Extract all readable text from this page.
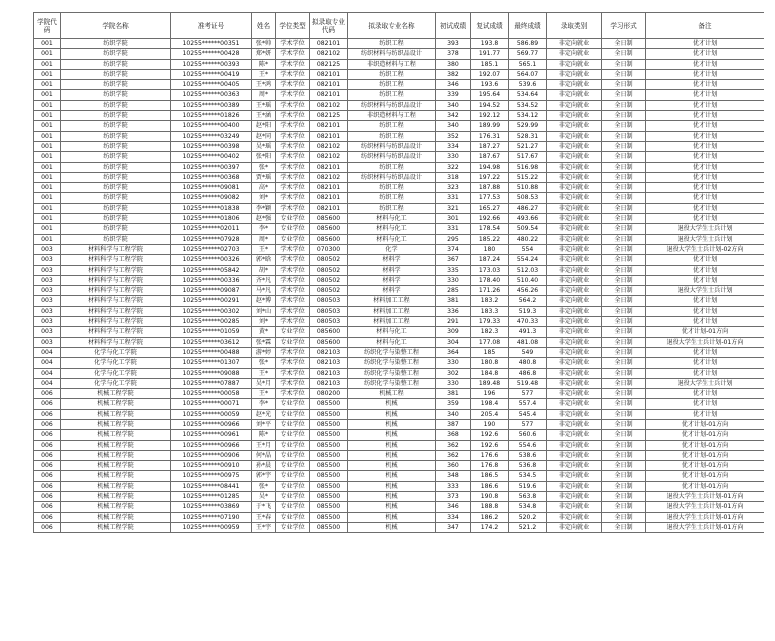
学院代码	学院名称	准考证号	姓名	学位类型	拟录取专业代码	拟录取专业名称	初试成绩	复试成绩	最终成绩	录取类别	学习形式	备注
001	纺织学院	10255******00351	张*帅	学术学位	082101	纺织工程	393	193.8	586.89	非定向就业	全日制	优才计划
001	纺织学院	10255******00428	郑*妍	学术学位	082102	纺织材料与纺织品设计	378	191.77	569.77	非定向就业	全日制	优才计划
001	纺织学院	10255******00393	陈*	学术学位	082125	非织造材料与工程	380	185.1	565.1	非定向就业	全日制	优才计划
001	纺织学院	10255******00419	王*	学术学位	082101	纺织工程	382	192.07	564.07	非定向就业	全日制	优才计划
001	纺织学院	10255******00405	王*鸿	学术学位	082101	纺织工程	346	193.6	539.6	非定向就业	全日制	优才计划
001	纺织学院	10255******00363	周*	学术学位	082101	纺织工程	339	195.64	534.64	非定向就业	全日制	优才计划
001	纺织学院	10255******00389	王*瑶	学术学位	082102	纺织材料与纺织品设计	340	194.52	534.52	非定向就业	全日制	优才计划
001	纺织学院	10255******01826	王*涵	学术学位	082125	非织造材料与工程	342	192.12	534.12	非定向就业	全日制	优才计划
001	纺织学院	10255******00400	赵*阳	学术学位	082101	纺织工程	340	189.99	529.99	非定向就业	全日制	优才计划
001	纺织学院	10255******03249	赵*同	学术学位	082101	纺织工程	352	176.31	528.31	非定向就业	全日制	优才计划
001	纺织学院	10255******00398	吴*瑶	学术学位	082102	纺织材料与纺织品设计	334	187.27	521.27	非定向就业	全日制	优才计划
001	纺织学院	10255******00402	张*阳	学术学位	082102	纺织材料与纺织品设计	330	187.67	517.67	非定向就业	全日制	优才计划
001	纺织学院	10255******00397	张*	学术学位	082101	纺织工程	322	194.98	516.98	非定向就业	全日制	优才计划
001	纺织学院	10255******00368	贾*瑶	学术学位	082102	纺织材料与纺织品设计	318	197.22	515.22	非定向就业	全日制	优才计划
001	纺织学院	10255******09081	高*	学术学位	082101	纺织工程	323	187.88	510.88	非定向就业	全日制	优才计划
001	纺织学院	10255******09082	刘*	学术学位	082101	纺织工程	331	177.53	508.53	非定向就业	全日制	优才计划
001	纺织学院	10255******01838	李*颖	学术学位	082101	纺织工程	321	165.27	486.27	非定向就业	全日制	优才计划
001	纺织学院	10255******01806	赵*强	专业学位	085600	材料与化工	301	192.66	493.66	非定向就业	全日制	优才计划
001	纺织学院	10255******02011	李*	专业学位	085600	材料与化工	331	178.54	509.54	非定向就业	全日制	退役大学生士兵计划
001	纺织学院	10255******07928	周*	专业学位	085600	材料与化工	295	185.22	480.22	非定向就业	全日制	退役大学生士兵计划
003	材料科学与工程学院	10255******02703	王*	学术学位	070300	化学	374	180	554	非定向就业	全日制	退役大学生士兵计划-02方向
003	材料科学与工程学院	10255******00326	郭*晗	学术学位	080502	材料学	367	187.24	554.24	非定向就业	全日制	优才计划
003	材料科学与工程学院	10255******05842	胡*	学术学位	080502	材料学	335	173.03	512.03	非定向就业	全日制	优才计划
003	材料科学与工程学院	10255******00336	齐*凡	学术学位	080502	材料学	330	178.40	510.40	非定向就业	全日制	优才计划
003	材料科学与工程学院	10255******09087	马*凡	学术学位	080502	材料学	285	171.26	456.26	非定向就业	全日制	退役大学生士兵计划
003	材料科学与工程学院	10255******00291	赵*博	学术学位	080503	材料加工工程	381	183.2	564.2	非定向就业	全日制	优才计划
003	材料科学与工程学院	10255******00302	刘*山	学术学位	080503	材料加工工程	336	183.3	519.3	非定向就业	全日制	优才计划
003	材料科学与工程学院	10255******00285	刘*	学术学位	080503	材料加工工程	291	179.33	470.33	非定向就业	全日制	优才计划
003	材料科学与工程学院	10255******01059	黄*	专业学位	085600	材料与化工	309	182.3	491.3	非定向就业	全日制	优才计划-01方向
003	材料科学与工程学院	10255******03612	张*霖	专业学位	085600	材料与化工	304	177.08	481.08	非定向就业	全日制	退役大学生士兵计划-01方向
004	化学与化工学院	10255******00488	游*婷	学术学位	082103	纺织化学与染整工程	364	185	549	非定向就业	全日制	优才计划
004	化学与化工学院	10255******01307	张*	学术学位	082103	纺织化学与染整工程	330	180.8	480.8	非定向就业	全日制	优才计划
004	化学与化工学院	10255******09088	王*	学术学位	082103	纺织化学与染整工程	302	184.8	486.8	非定向就业	全日制	优才计划
004	化学与化工学院	10255******07887	吴*月	学术学位	082103	纺织化学与染整工程	330	189.48	519.48	非定向就业	全日制	退役大学生士兵计划
006	机械工程学院	10255******00058	王*	学术学位	080200	机械工程	381	196	577	非定向就业	全日制	优才计划
006	机械工程学院	10255******00071	李*	专业学位	085500	机械	359	198.4	557.4	非定向就业	全日制	优才计划
006	机械工程学院	10255******00059	赵*光	专业学位	085500	机械	340	205.4	545.4	非定向就业	全日制	优才计划
006	机械工程学院	10255******00966	刘*平	专业学位	085500	机械	387	190	577	非定向就业	全日制	优才计划-01方向
006	机械工程学院	10255******00961	陈*	专业学位	085500	机械	368	192.6	560.6	非定向就业	全日制	优才计划-01方向
006	机械工程学院	10255******00966	王*月	专业学位	085500	机械	362	192.6	554.6	非定向就业	全日制	优才计划-01方向
006	机械工程学院	10255******00906	何*晶	专业学位	085500	机械	362	176.6	538.6	非定向就业	全日制	优才计划-01方向
006	机械工程学院	10255******00910	孙*晨	专业学位	085500	机械	360	176.8	536.8	非定向就业	全日制	优才计划-01方向
006	机械工程学院	10255******00975	郭*宇	专业学位	085500	机械	348	186.5	534.5	非定向就业	全日制	优才计划-01方向
006	机械工程学院	10255******08441	张*	专业学位	085500	机械	333	186.6	519.6	非定向就业	全日制	优才计划-01方向
006	机械工程学院	10255******01285	吴*	专业学位	085500	机械	373	190.8	563.8	非定向就业	全日制	退役大学生士兵计划-01方向
006	机械工程学院	10255******03869	于*飞	专业学位	085500	机械	346	188.8	534.8	非定向就业	全日制	退役大学生士兵计划-01方向
006	机械工程学院	10255******07190	王*春	专业学位	085500	机械	334	186.2	520.2	非定向就业	全日制	退役大学生士兵计划-01方向
006	机械工程学院	10255******00959	王*宇	专业学位	085500	机械	347	174.2	521.2	非定向就业	全日制	退役大学生士兵计划-01方向
